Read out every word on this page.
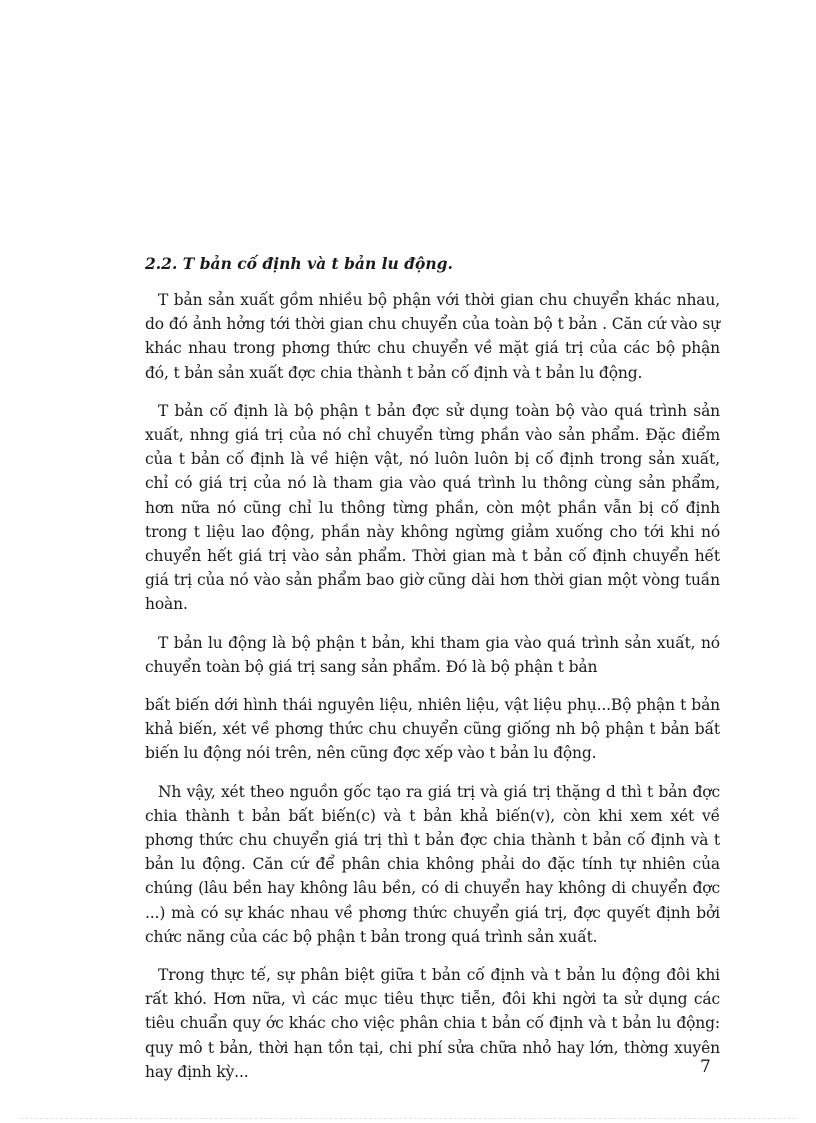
2.2. T bản cố định và t bản lu động.

T bản sản xuất gồm nhiều bộ phận với thời gian chu chuyển khác nhau, do đó ảnh hởng tới thời gian chu chuyển của toàn bộ t bản . Căn cứ vào sự khác nhau trong phơng thức chu chuyển về mặt giá trị của các bộ phận đó, t bản sản xuất đợc chia thành t bản cố định và t bản lu động.

T bản cố định là bộ phận t bản đợc sử dụng toàn bộ vào quá trình sản xuất, nhng giá trị của nó chỉ chuyển từng phần vào sản phẩm. Đặc điểm của t bản cố định là về hiện vật, nó luôn luôn bị cố định trong sản xuất, chỉ có giá trị của nó là tham gia vào quá trình lu thông cùng sản phẩm, hơn nữa nó cũng chỉ lu thông từng phần, còn một phần vẫn bị cố định trong t liệu lao động, phần này không ngừng giảm xuống cho tới khi nó chuyển hết giá trị vào sản phẩm. Thời gian mà t bản cố định chuyển hết giá trị của nó vào sản phẩm bao giờ cũng dài hơn thời gian một vòng tuần hoàn.

T bản lu động là bộ phận t bản, khi tham gia vào quá trình sản xuất, nó chuyển toàn bộ giá trị sang sản phẩm. Đó là bộ phận t bản

bất biến dới hình thái nguyên liệu, nhiên liệu, vật liệu phụ...Bộ phận t bản khả biến, xét về phơng thức chu chuyển cũng giống nh bộ phận t bản bất biến lu động nói trên, nên cũng đợc xếp vào t bản lu động.

Nh vậy, xét theo nguồn gốc tạo ra giá trị và giá trị thặng d thì t bản đợc chia thành t bản bất biến(c) và t bản khả biến(v), còn khi xem xét về phơng thức chu chuyển giá trị thì t bản đợc chia thành t bản cố định và t bản lu động. Căn cứ để phân chia không phải do đặc tính tự nhiên của chúng (lâu bền hay không lâu bền, có di chuyển hay không di chuyển đợc ...) mà có sự khác nhau về phơng thức chuyển giá trị, đợc quyết định bởi chức năng của các bộ phận t bản trong quá trình sản xuất.

Trong thực tế, sự phân biệt giữa t bản cố định và t bản lu động đôi khi rất khó. Hơn nữa, vì các mục tiêu thực tiễn, đôi khi ngời ta sử dụng các tiêu chuẩn quy ớc khác cho việc phân chia t bản cố định và t bản lu động: quy mô t bản, thời hạn tồn tại, chi phí sửa chữa nhỏ hay lớn, thờng xuyên hay định kỳ...	7
